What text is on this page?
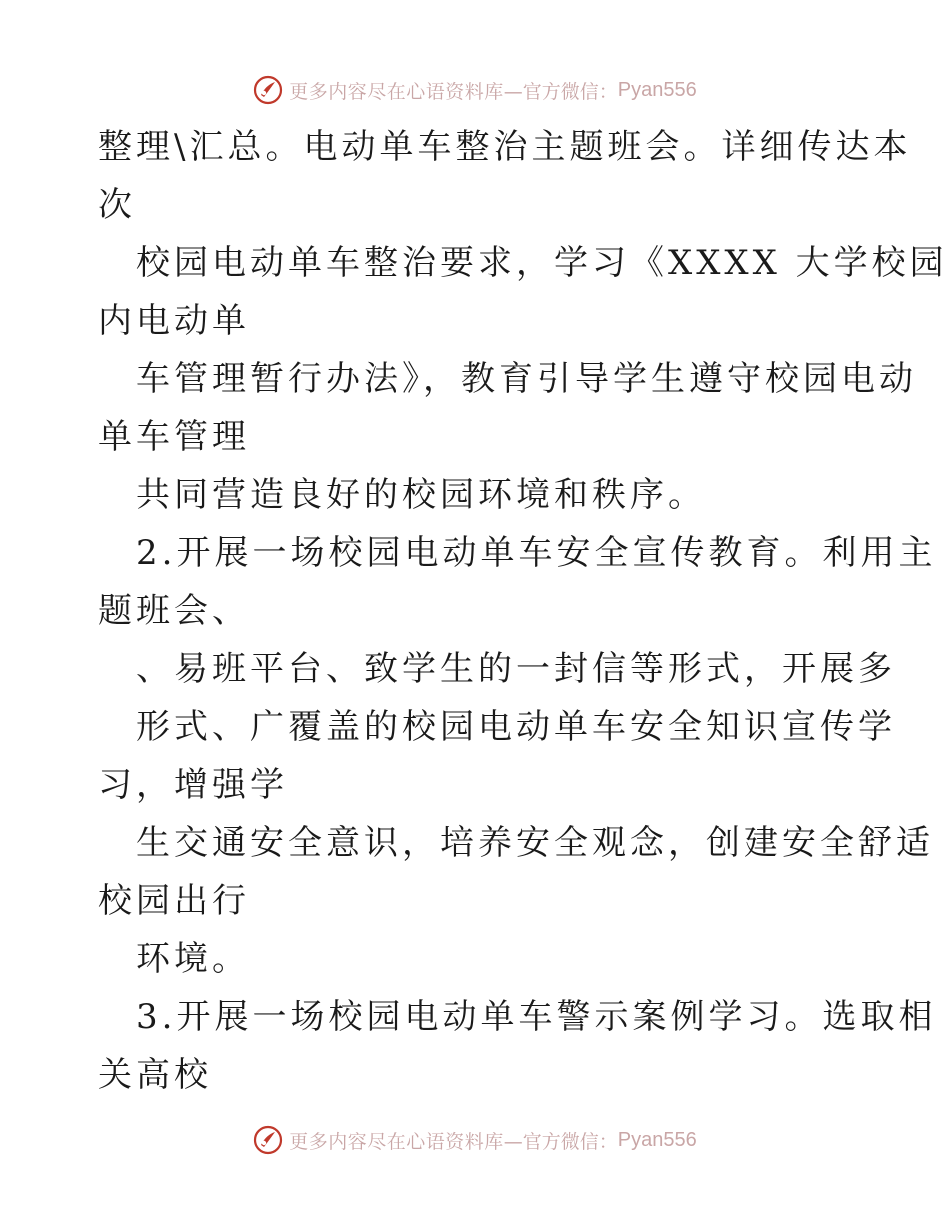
更多内容尽在心语资料库 —官方微信： Pyan556
整理\汇总。电动单车整治主题班会。详细传达本
次
校园电动单车整治要求，学习《XXXX 大学校园
内电动单
车管理暂行办法》，教育引导学生遵守校园电动
单车管理
共同营造良好的校园环境和秩序。
2.开展一场校园电动单车安全宣传教育。利用主
题班会、
、易班平台、致学生的一封信等形式，开展多
形式、广覆盖的校园电动单车安全知识宣传学
习，增强学
生交通安全意识，培养安全观念，创建安全舒适
校园出行
环境。
3.开展一场校园电动单车警示案例学习。选取相
关高校
更多内容尽在心语资料库 —官方微信： Pyan556
